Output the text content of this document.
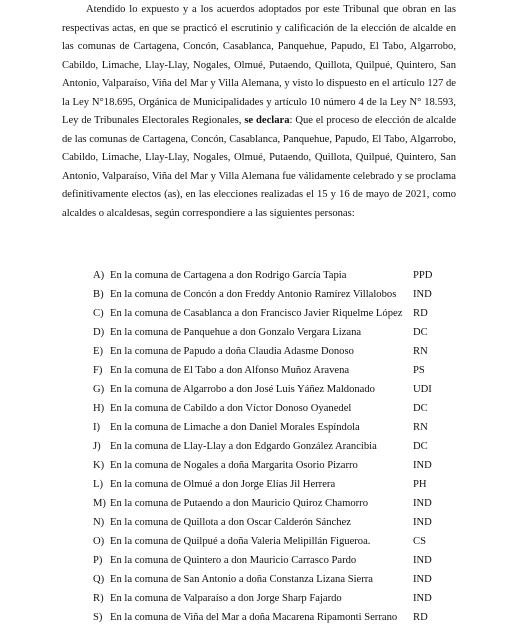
Atendido lo expuesto y a los acuerdos adoptados por este Tribunal que obran en las respectivas actas, en que se practicó el escrutinio y calificación de la elección de alcalde en las comunas de Cartagena, Concón, Casablanca, Panquehue, Papudo, El Tabo, Algarrobo, Cabildo, Limache, Llay-Llay, Nogales, Olmué, Putaendo, Quillota, Quilpué, Quintero, San Antonio, Valparaíso, Viña del Mar y Villa Alemana, y visto lo dispuesto en el artículo 127 de la Ley N°18.695, Orgánica de Municipalidades y artículo 10 número 4 de la Ley N° 18.593, Ley de Tribunales Electorales Regionales, se declara: Que el proceso de elección de alcalde de las comunas de Cartagena, Concón, Casablanca, Panquehue, Papudo, El Tabo, Algarrobo, Cabildo, Limache, Llay-Llay, Nogales, Olmué, Putaendo, Quillota, Quilpué, Quintero, San Antonio, Valparaíso, Viña del Mar y Villa Alemana fue válidamente celebrado y se proclama definitivamente electos (as), en las elecciones realizadas el 15 y 16 de mayo de 2021, como alcaldes o alcaldesas, según correspondiere a las siguientes personas:

A) En la comuna de Cartagena a don Rodrigo García Tapia	PPD
B) En la comuna de Concón a don Freddy Antonio Ramírez Villalobos IND
C) En la comuna de Casablanca a don Francisco Javier Riquelme López RD
D) En la comuna de Panquehue a don Gonzalo Vergara Lizana	DC
E) En la comuna de Papudo a doña Claudia Adasme Donoso	RN
F) En la comuna de El Tabo a don Alfonso Muñoz Aravena	PS
G) En la comuna de Algarrobo a don José Luis Yáñez Maldonado	UDI
H) En la comuna de Cabildo a don Víctor Donoso Oyanedel	DC
I) En la comuna de Limache a don Daniel Morales Espíndola	RN
J) En la comuna de Llay-Llay a don Edgardo González Arancibia	DC
K) En la comuna de Nogales a doña Margarita Osorio Pizarro	IND
L) En la comuna de Olmué a don Jorge Elías Jil Herrera	PH
M) En la comuna de Putaendo a don Mauricio Quiroz Chamorro	IND
N) En la comuna de Quillota a don Oscar Calderón Sánchez	IND
O) En la comuna de Quilpué a doña Valeria Melipillán Figueroa.	CS
P) En la comuna de Quintero a don Mauricio Carrasco Pardo	IND
Q) En la comuna de San Antonio a doña Constanza Lizana Sierra	IND
R) En la comuna de Valparaíso a don Jorge Sharp Fajardo	IND
S) En la comuna de Viña del Mar a doña Macarena Ripamonti Serrano RD
